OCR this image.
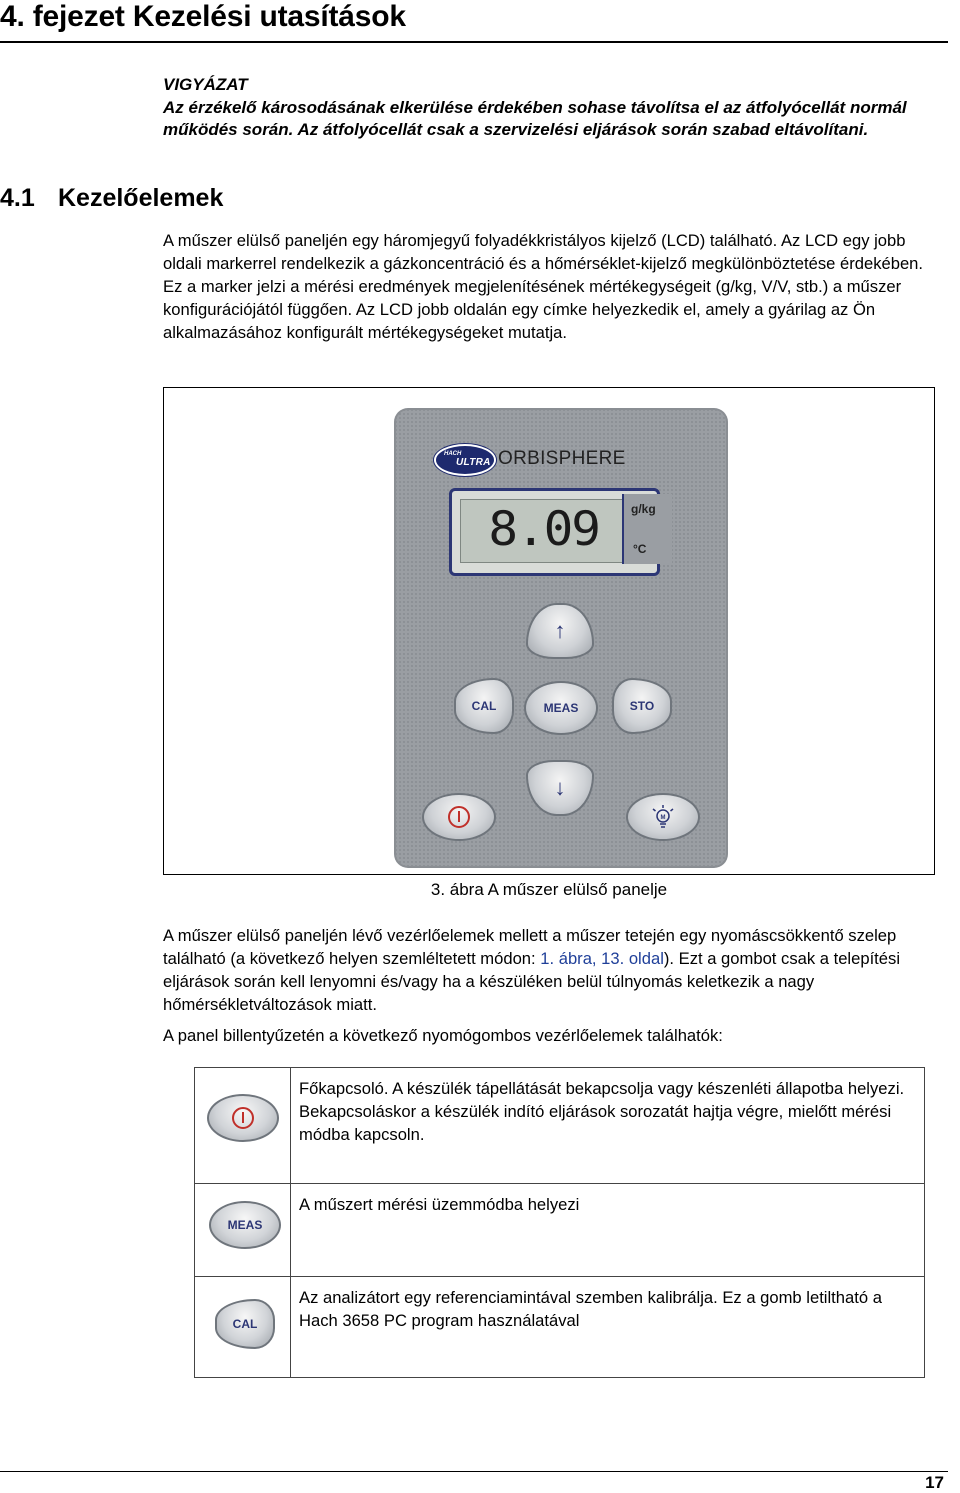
4. fejezet Kezelési utasítások
VIGYÁZAT
Az érzékelő károsodásának elkerülése érdekében sohase távolítsa el az átfolyócellát normál működés során. Az átfolyócellát csak a szervizelési eljárások során szabad eltávolítani.
4.1 Kezelőelemek
A műszer elülső paneljén egy háromjegyű folyadékkristályos kijelző (LCD) található. Az LCD egy jobb oldali markerrel rendelkezik a gázkoncentráció és a hőmérséklet-kijelző megkülönböztetése érdekében. Ez a marker jelzi a mérési eredmények megjelenítésének mértékegységeit (g/kg, V/V, stb.) a műszer konfigurációjától függően. Az LCD jobb oldalán egy címke helyezkedik el, amely a gyárilag az Ön alkalmazásához konfigurált mértékegységeket mutatja.
HACH
ULTRA ORBISPHERE
8.09	g/kg
°C
↑
CAL	MEAS	STO
↓
M
3. ábra A műszer elülső panelje
A műszer elülső paneljén lévő vezérlőelemek mellett a műszer tetején egy nyomáscsökkentő szelep található (a következő helyen szemléltetett módon: 1. ábra, 13. oldal). Ezt a gombot csak a telepítési eljárások során kell lenyomni és/vagy ha a készüléken belül túlnyomás keletkezik a nagy hőmérsékletváltozások miatt.
A panel billentyűzetén a következő nyomógombos vezérlőelemek találhatók:
	Főkapcsoló. A készülék tápellátását bekapcsolja vagy készenléti állapotba helyezi. Bekapcsoláskor a készülék indító eljárások sorozatát hajtja végre, mielőtt mérési módba kapcsoln.

MEAS	A műszert mérési üzemmódba helyezi

CAL	Az analizátort egy referenciamintával szemben kalibrálja. Ez a gomb letiltható a Hach 3658 PC program használatával
17
